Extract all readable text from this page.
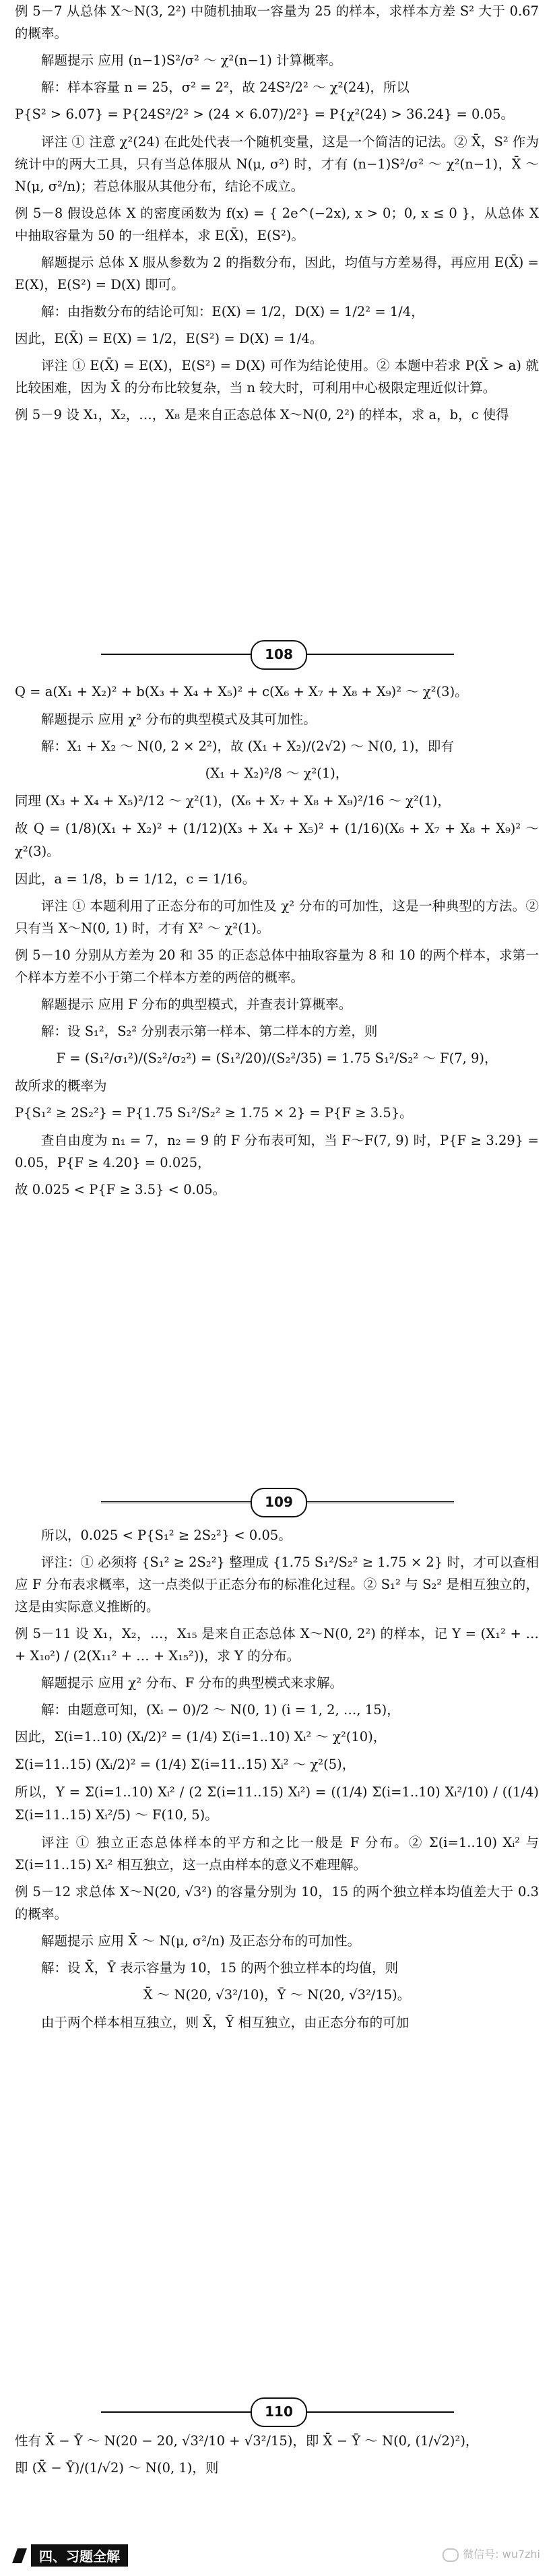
例 5－7 从总体 X～N(3, 2²) 中随机抽取一容量为 25 的样本，求样本方差 S² 大于 0.67 的概率。

解题提示 应用 (n−1)S²/σ² ～ χ²(n−1) 计算概率。

解：样本容量 n = 25，σ² = 2²，故 24S²/2² ～ χ²(24)，所以

P{S² > 6.07} = P{24S²/2² > (24 × 6.07)/2²} = P{χ²(24) > 36.24} = 0.05。

评注 ① 注意 χ²(24) 在此处代表一个随机变量，这是一个简洁的记法。② X̄，S² 作为统计中的两大工具，只有当总体服从 N(μ, σ²) 时，才有 (n−1)S²/σ² ～ χ²(n−1)，X̄ ～ N(μ, σ²/n)；若总体服从其他分布，结论不成立。

例 5－8 假设总体 X 的密度函数为 f(x) = { 2e^(−2x), x > 0；0, x ≤ 0 }，从总体 X 中抽取容量为 50 的一组样本，求 E(X̄)，E(S²)。

解题提示 总体 X 服从参数为 2 的指数分布，因此，均值与方差易得，再应用 E(X̄) = E(X)，E(S²) = D(X) 即可。

解：由指数分布的结论可知：E(X) = 1/2，D(X) = 1/2² = 1/4，

因此，E(X̄) = E(X) = 1/2，E(S²) = D(X) = 1/4。

评注 ① E(X̄) = E(X)，E(S²) = D(X) 可作为结论使用。② 本题中若求 P(X̄ > a) 就比较困难，因为 X̄ 的分布比较复杂，当 n 较大时，可利用中心极限定理近似计算。

例 5－9 设 X₁，X₂，…，X₈ 是来自正态总体 X～N(0, 2²) 的样本，求 a，b，c 使得

108

Q = a(X₁ + X₂)² + b(X₃ + X₄ + X₅)² + c(X₆ + X₇ + X₈ + X₉)² ～ χ²(3)。

解题提示 应用 χ² 分布的典型模式及其可加性。

解：X₁ + X₂ ～ N(0, 2 × 2²)，故 (X₁ + X₂)/(2√2) ～ N(0, 1)，即有

(X₁ + X₂)²/8 ～ χ²(1)，

同理 (X₃ + X₄ + X₅)²/12 ～ χ²(1)，(X₆ + X₇ + X₈ + X₉)²/16 ～ χ²(1)，

故 Q = (1/8)(X₁ + X₂)² + (1/12)(X₃ + X₄ + X₅)² + (1/16)(X₆ + X₇ + X₈ + X₉)² ～ χ²(3)。

因此，a = 1/8，b = 1/12，c = 1/16。

评注 ① 本题利用了正态分布的可加性及 χ² 分布的可加性，这是一种典型的方法。② 只有当 X～N(0, 1) 时，才有 X² ～ χ²(1)。

例 5－10 分别从方差为 20 和 35 的正态总体中抽取容量为 8 和 10 的两个样本，求第一个样本方差不小于第二个样本方差的两倍的概率。

解题提示 应用 F 分布的典型模式，并查表计算概率。

解：设 S₁²，S₂² 分别表示第一样本、第二样本的方差，则

F = (S₁²/σ₁²)/(S₂²/σ₂²) = (S₁²/20)/(S₂²/35) = 1.75 S₁²/S₂² ～ F(7, 9)，

故所求的概率为

P{S₁² ≥ 2S₂²} = P{1.75 S₁²/S₂² ≥ 1.75 × 2} = P{F ≥ 3.5}。

查自由度为 n₁ = 7，n₂ = 9 的 F 分布表可知，当 F～F(7, 9) 时，P{F ≥ 3.29} = 0.05，P{F ≥ 4.20} = 0.025，

故 0.025 < P{F ≥ 3.5} < 0.05。

109

所以，0.025 < P{S₁² ≥ 2S₂²} < 0.05。

评注：① 必须将 {S₁² ≥ 2S₂²} 整理成 {1.75 S₁²/S₂² ≥ 1.75 × 2} 时，才可以查相应 F 分布表求概率，这一点类似于正态分布的标准化过程。② S₁² 与 S₂² 是相互独立的，这是由实际意义推断的。

例 5－11 设 X₁，X₂，…，X₁₅ 是来自正态总体 X～N(0, 2²) 的样本，记 Y = (X₁² + … + X₁₀²) / (2(X₁₁² + … + X₁₅²))，求 Y 的分布。

解题提示 应用 χ² 分布、F 分布的典型模式来求解。

解：由题意可知，(Xᵢ − 0)/2 ～ N(0, 1) (i = 1, 2, …, 15)，

因此，Σ(i=1..10) (Xᵢ/2)² = (1/4) Σ(i=1..10) Xᵢ² ～ χ²(10)，

Σ(i=11..15) (Xᵢ/2)² = (1/4) Σ(i=11..15) Xᵢ² ～ χ²(5)，

所以，Y = Σ(i=1..10) Xᵢ² / (2 Σ(i=11..15) Xᵢ²) = ((1/4) Σ(i=1..10) Xᵢ²/10) / ((1/4) Σ(i=11..15) Xᵢ²/5) ～ F(10, 5)。

评注 ① 独立正态总体样本的平方和之比一般是 F 分布。② Σ(i=1..10) Xᵢ² 与 Σ(i=11..15) Xᵢ² 相互独立，这一点由样本的意义不难理解。

例 5－12 求总体 X～N(20, √3²) 的容量分别为 10，15 的两个独立样本均值差大于 0.3 的概率。

解题提示 应用 X̄ ～ N(μ, σ²/n) 及正态分布的可加性。

解：设 X̄，Ȳ 表示容量为 10，15 的两个独立样本的均值，则

X̄ ～ N(20, √3²/10)，Ȳ ～ N(20, √3²/15)。

由于两个样本相互独立，则 X̄，Ȳ 相互独立，由正态分布的可加

110

性有 X̄ − Ȳ ～ N(20 − 20, √3²/10 + √3²/15)，即 X̄ − Ȳ ～ N(0, (1/√2)²)，

即 (X̄ − Ȳ)/(1/√2) ～ N(0, 1)，则

四、习题全解	微信号: wu7zhi
